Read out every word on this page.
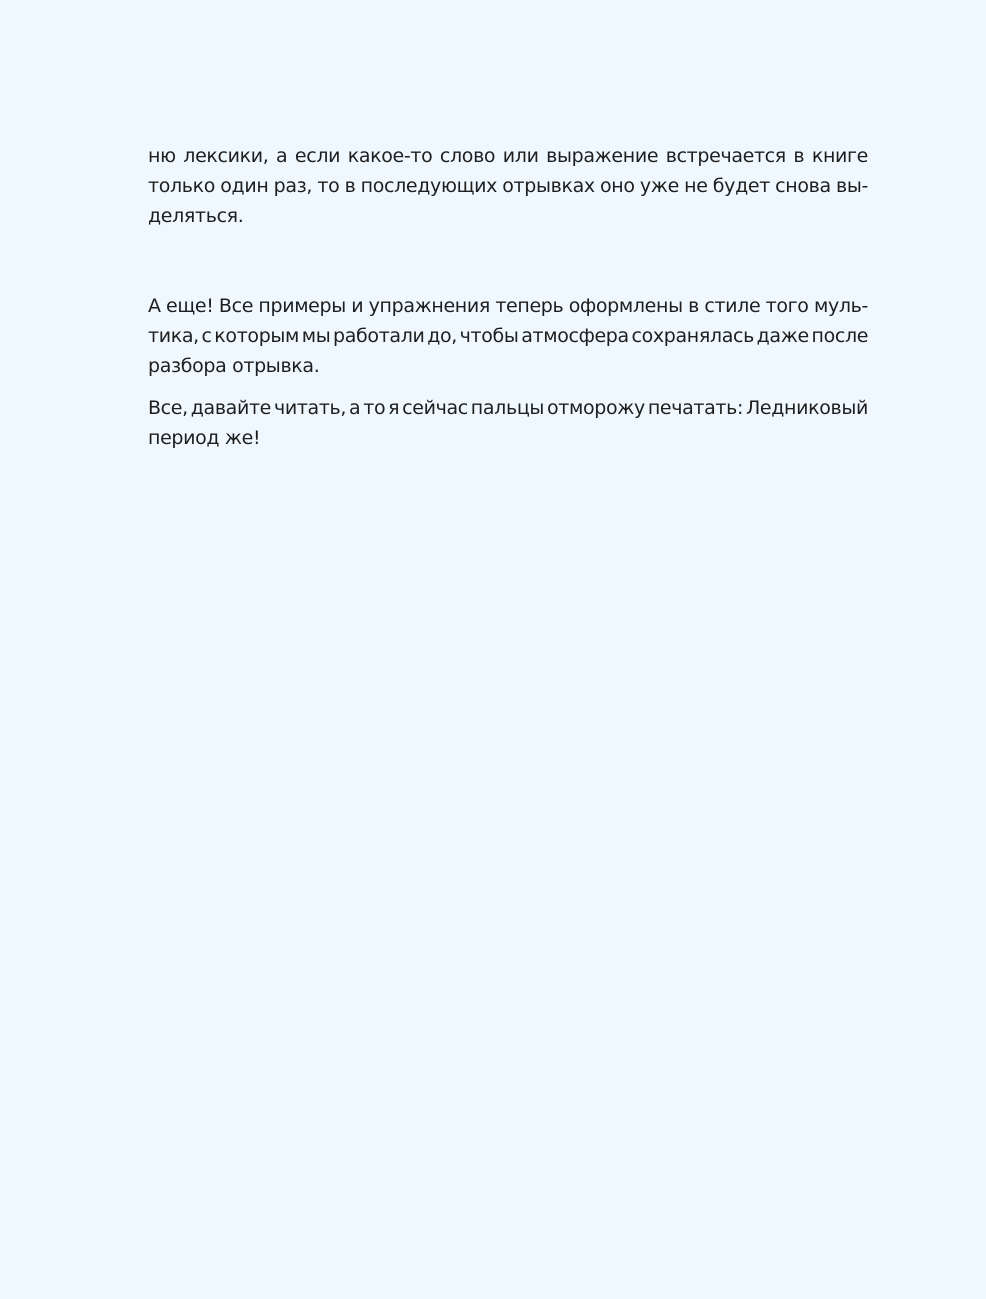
ню лексики, а если какое-то слово или выражение встречается в книге
только один раз, то в последующих отрывках оно уже не будет снова вы-
деляться.
А еще! Все примеры и упражнения теперь оформлены в стиле того муль-
тика, с которым мы работали до, чтобы атмосфера сохранялась даже после
разбора отрывка.
Все, давайте читать, а то я сейчас пальцы отморожу печатать: Ледниковый
период же!
